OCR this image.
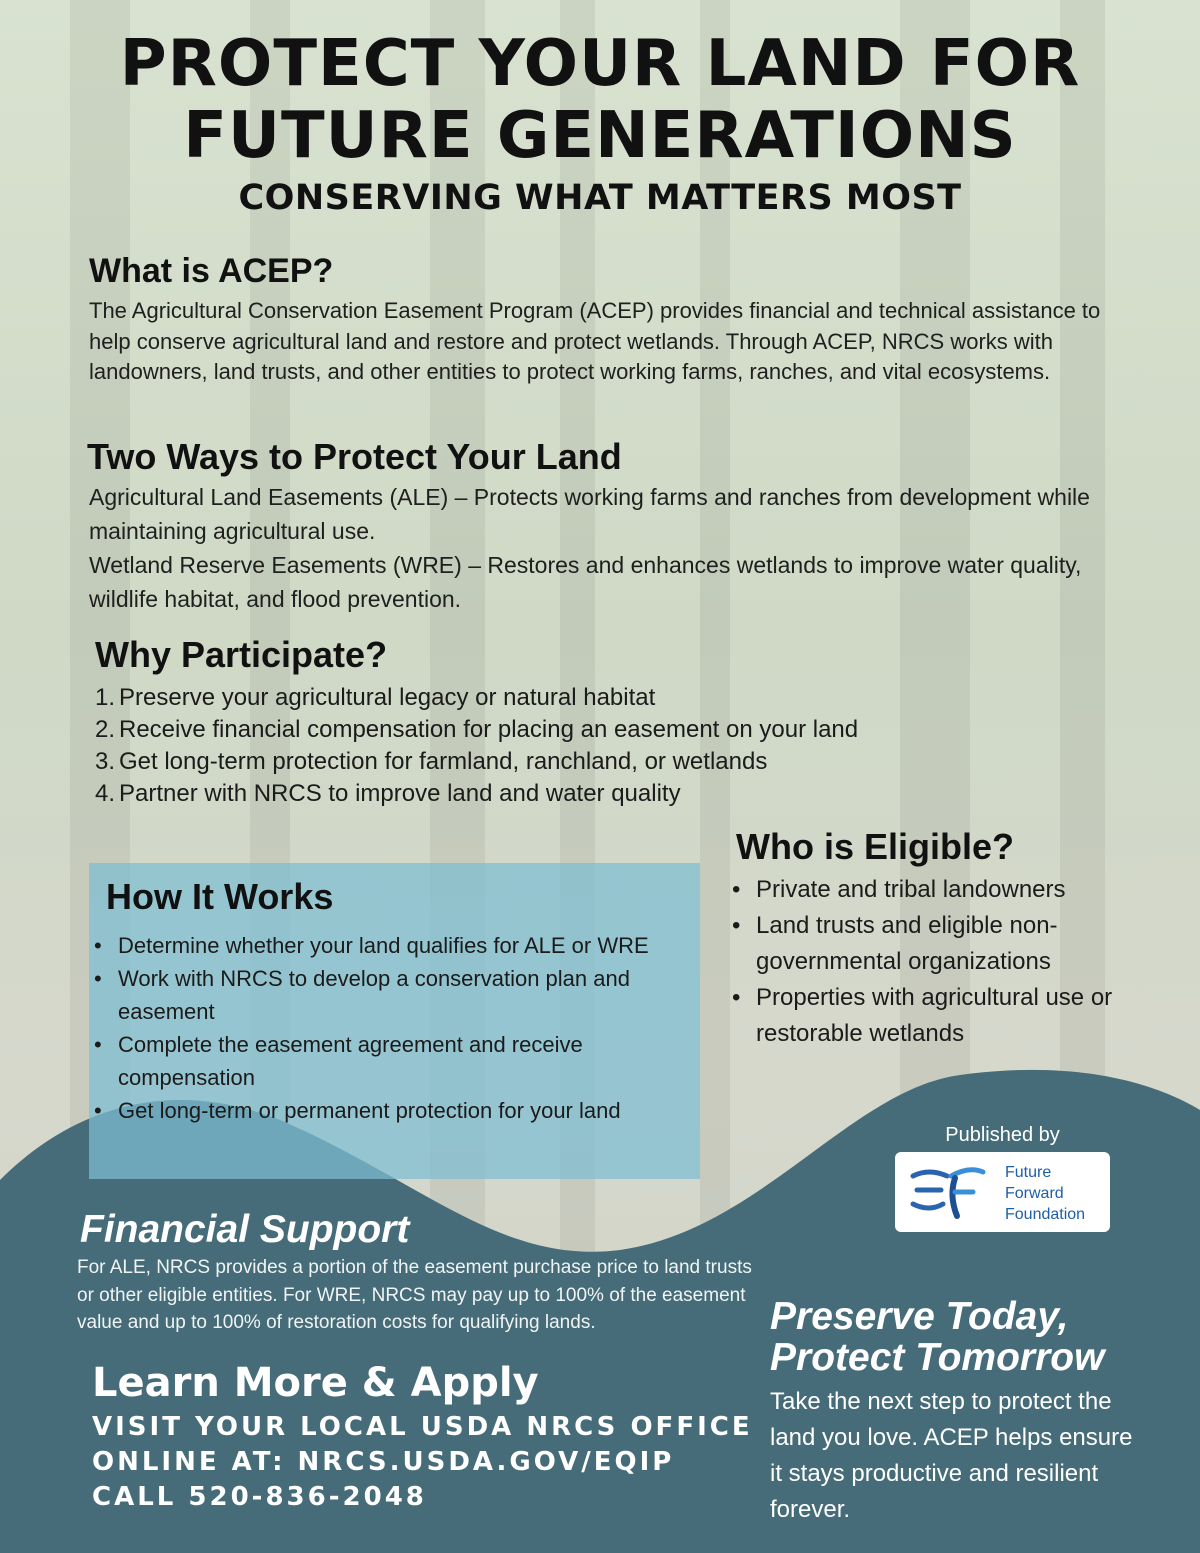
PROTECT YOUR LAND FOR
FUTURE GENERATIONS
CONSERVING WHAT MATTERS MOST
What is ACEP?
The Agricultural Conservation Easement Program (ACEP) provides financial and technical assistance to help conserve agricultural land and restore and protect wetlands. Through ACEP, NRCS works with landowners, land trusts, and other entities to protect working farms, ranches, and vital ecosystems.
Two Ways to Protect Your Land
Agricultural Land Easements (ALE) – Protects working farms and ranches from development while maintaining agricultural use.
Wetland Reserve Easements (WRE) – Restores and enhances wetlands to improve water quality, wildlife habitat, and flood prevention.
Why Participate?
1. Preserve your agricultural legacy or natural habitat
2. Receive financial compensation for placing an easement on your land
3. Get long-term protection for farmland, ranchland, or wetlands
4. Partner with NRCS to improve land and water quality
Who is Eligible?
• Private and tribal landowners
• Land trusts and eligible non-governmental organizations
• Properties with agricultural use or restorable wetlands
How It Works
• Determine whether your land qualifies for ALE or WRE
• Work with NRCS to develop a conservation plan and easement
• Complete the easement agreement and receive compensation
• Get long-term or permanent protection for your land
Published by
Future
Forward
Foundation
Financial Support
For ALE, NRCS provides a portion of the easement purchase price to land trusts or other eligible entities. For WRE, NRCS may pay up to 100% of the easement value and up to 100% of restoration costs for qualifying lands.
Learn More & Apply
VISIT YOUR LOCAL USDA NRCS OFFICE
ONLINE AT: NRCS.USDA.GOV/EQIP
CALL 520-836-2048
Preserve Today,
Protect Tomorrow
Take the next step to protect the land you love. ACEP helps ensure it stays productive and resilient forever.
